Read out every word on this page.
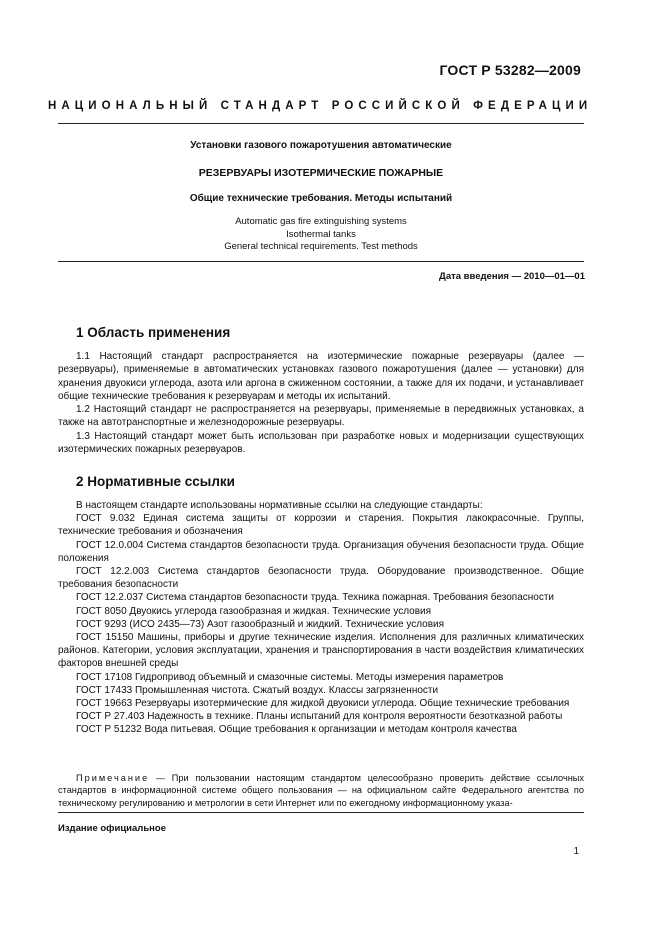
ГОСТ Р 53282—2009
НАЦИОНАЛЬНЫЙ СТАНДАРТ РОССИЙСКОЙ ФЕДЕРАЦИИ
Установки газового пожаротушения автоматические
РЕЗЕРВУАРЫ ИЗОТЕРМИЧЕСКИЕ ПОЖАРНЫЕ
Общие технические требования. Методы испытаний
Automatic gas fire extinguishing systems
Isothermal tanks
General technical requirements. Test methods
Дата введения — 2010—01—01
1 Область применения

1.1 Настоящий стандарт распространяется на изотермические пожарные резервуары (далее — резервуары), применяемые в автоматических установках газового пожаротушения (далее — установки) для хранения двуокиси углерода, азота или аргона в сжиженном состоянии, а также для их подачи, и устанавливает общие технические требования к резервуарам и методы их испытаний.

1.2 Настоящий стандарт не распространяется на резервуары, применяемые в передвижных установках, а также на автотранспортные и железнодорожные резервуары.

1.3 Настоящий стандарт может быть использован при разработке новых и модернизации существующих изотермических пожарных резервуаров.

2 Нормативные ссылки

В настоящем стандарте использованы нормативные ссылки на следующие стандарты:

ГОСТ 9.032 Единая система защиты от коррозии и старения. Покрытия лакокрасочные. Группы, технические требования и обозначения

ГОСТ 12.0.004 Система стандартов безопасности труда. Организация обучения безопасности труда. Общие положения

ГОСТ 12.2.003 Система стандартов безопасности труда. Оборудование производственное. Общие требования безопасности

ГОСТ 12.2.037 Система стандартов безопасности труда. Техника пожарная. Требования безопасности

ГОСТ 8050 Двуокись углерода газообразная и жидкая. Технические условия

ГОСТ 9293 (ИСО 2435—73) Азот газообразный и жидкий. Технические условия

ГОСТ 15150 Машины, приборы и другие технические изделия. Исполнения для различных климатических районов. Категории, условия эксплуатации, хранения и транспортирования в части воздействия климатических факторов внешней среды

ГОСТ 17108 Гидропривод объемный и смазочные системы. Методы измерения параметров

ГОСТ 17433 Промышленная чистота. Сжатый воздух. Классы загрязненности

ГОСТ 19663 Резервуары изотермические для жидкой двуокиси углерода. Общие технические требования

ГОСТ Р 27.403 Надежность в технике. Планы испытаний для контроля вероятности безотказной работы

ГОСТ Р 51232 Вода питьевая. Общие требования к организации и методам контроля качества

Примечание — При пользовании настоящим стандартом целесообразно проверить действие ссылочных стандартов в информационной системе общего пользования — на официальном сайте Федерального агентства по техническому регулированию и метрологии в сети Интернет или по ежегодному информационному указа-

Издание официальное
1
